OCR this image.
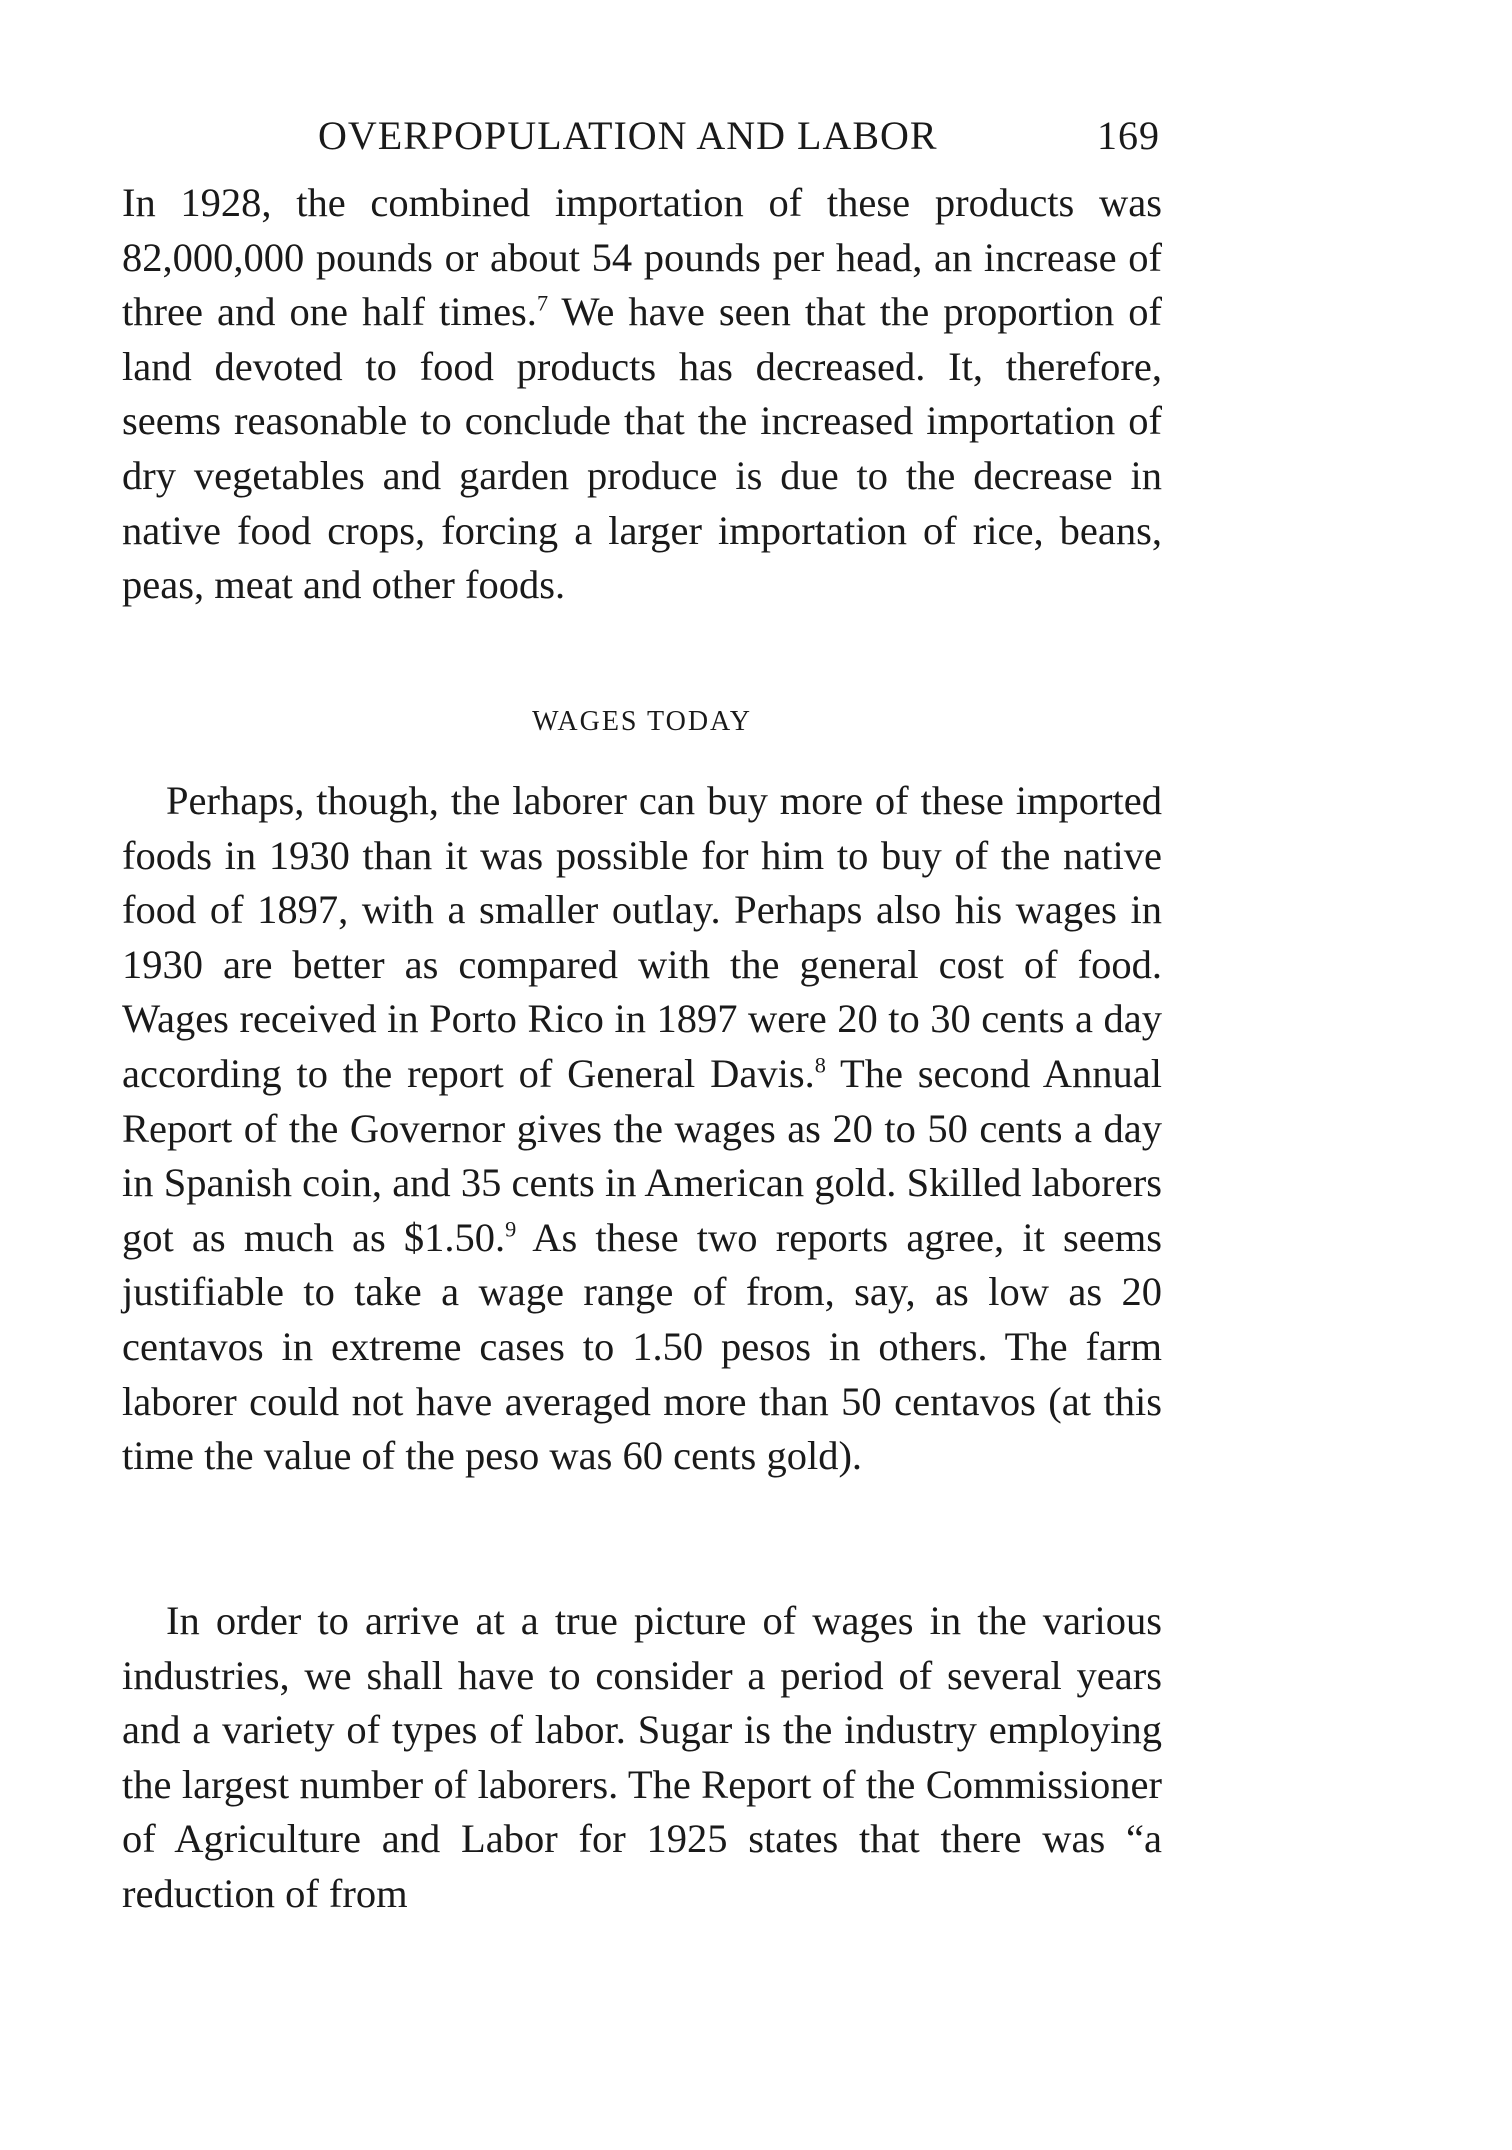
OVERPOPULATION AND LABOR	169

In 1928, the combined importation of these products was 82,000,000 pounds or about 54 pounds per head, an increase of three and one half times.$^7$ We have seen that the proportion of land devoted to food products has decreased. It, therefore, seems reasonable to conclude that the increased importation of dry vegetables and garden produce is due to the decrease in native food crops, forcing a larger importation of rice, beans, peas, meat and other foods.

WAGES TODAY

Perhaps, though, the laborer can buy more of these imported foods in 1930 than it was possible for him to buy of the native food of 1897, with a smaller outlay. Perhaps also his wages in 1930 are better as compared with the general cost of food. Wages received in Porto Rico in 1897 were 20 to 30 cents a day according to the report of General Davis.$^8$ The second Annual Report of the Governor gives the wages as 20 to 50 cents a day in Spanish coin, and 35 cents in American gold. Skilled laborers got as much as $1.50.$^9$ As these two reports agree, it seems justifiable to take a wage range of from, say, as low as 20 centavos in extreme cases to 1.50 pesos in others. The farm laborer could not have averaged more than 50 centavos (at this time the value of the peso was 60 cents gold).

In order to arrive at a true picture of wages in the various industries, we shall have to consider a period of several years and a variety of types of labor. Sugar is the industry employing the largest number of laborers. The Report of the Commissioner of Agriculture and Labor for 1925 states that there was “a reduction of from
